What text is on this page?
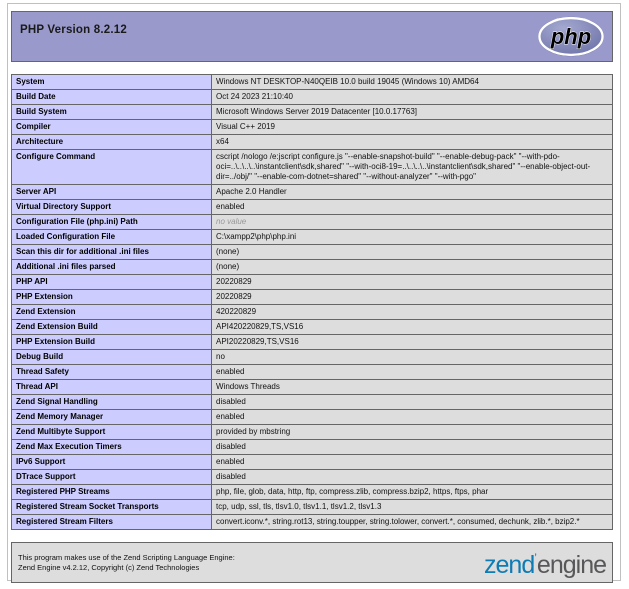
PHP Version 8.2.12	php
System	Windows NT DESKTOP-N40QEIB 10.0 build 19045 (Windows 10) AMD64
Build Date	Oct 24 2023 21:10:40
Build System	Microsoft Windows Server 2019 Datacenter [10.0.17763]
Compiler	Visual C++ 2019
Architecture	x64
Configure Command	cscript /nologo /e:jscript configure.js "--enable-snapshot-build" "--enable-debug-pack" "--with-pdo-oci=..\..\..\..\instantclient\sdk,shared" "--with-oci8-19=..\..\..\..\instantclient\sdk,shared" "--enable-object-out-dir=../obj/" "--enable-com-dotnet=shared" "--without-analyzer" "--with-pgo"
Server API	Apache 2.0 Handler
Virtual Directory Support	enabled
Configuration File (php.ini) Path	no value
Loaded Configuration File	C:\xampp2\php\php.ini
Scan this dir for additional .ini files	(none)
Additional .ini files parsed	(none)
PHP API	20220829
PHP Extension	20220829
Zend Extension	420220829
Zend Extension Build	API420220829,TS,VS16
PHP Extension Build	API20220829,TS,VS16
Debug Build	no
Thread Safety	enabled
Thread API	Windows Threads
Zend Signal Handling	disabled
Zend Memory Manager	enabled
Zend Multibyte Support	provided by mbstring
Zend Max Execution Timers	disabled
IPv6 Support	enabled
DTrace Support	disabled
Registered PHP Streams	php, file, glob, data, http, ftp, compress.zlib, compress.bzip2, https, ftps, phar
Registered Stream Socket Transports	tcp, udp, ssl, tls, tlsv1.0, tlsv1.1, tlsv1.2, tlsv1.3
Registered Stream Filters	convert.iconv.*, string.rot13, string.toupper, string.tolower, convert.*, consumed, dechunk, zlib.*, bzip2.*
This program makes use of the Zend Scripting Language Engine:
Zend Engine v4.2.12, Copyright (c) Zend Technologies	zend’engine
